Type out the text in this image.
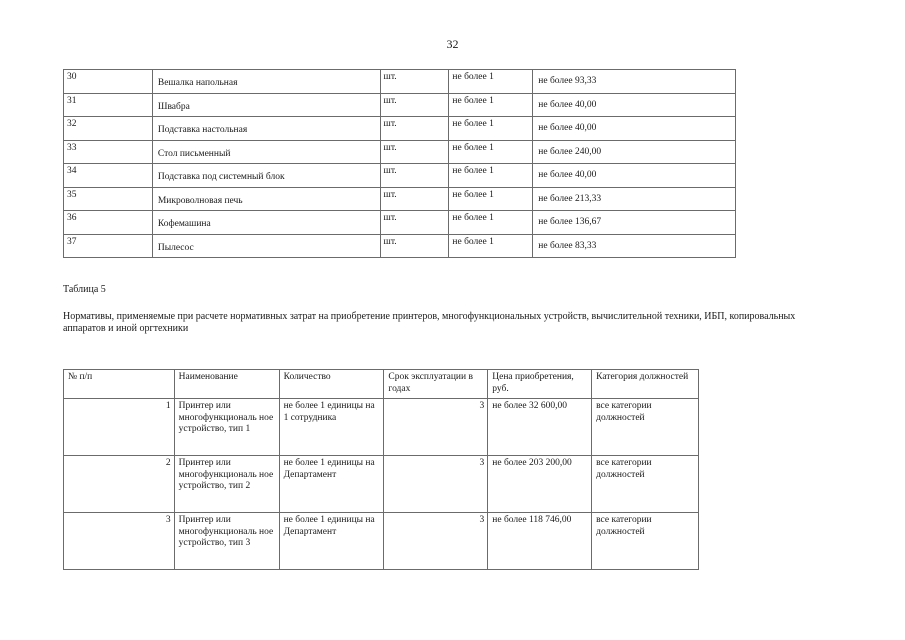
32
30	Вешалка напольная	шт.	не более 1	не более 93,33

31	Швабра	шт.	не более 1	не более 40,00

32	Подставка настольная	шт.	не более 1	не более 40,00

33	Стол письменный	шт.	не более 1	не более 240,00

34	Подставка под системный блок	шт.	не более 1	не более 40,00

35	Микроволновая печь	шт.	не более 1	не более 213,33

36	Кофемашина	шт.	не более 1	не более 136,67

37	Пылесос	шт.	не более 1	не более 83,33
Таблица 5
Нормативы, применяемые при расчете нормативных затрат на приобретение принтеров, многофункциональных устройств, вычислительной техники, ИБП, копировальных аппаратов и иной оргтехники
№ п/п	Наименование	Количество	Срок эксплуатации в годах	Цена приобретения, руб.	Категория должностей
1	Принтер или многофункциональ ное устройство, тип 1	не более 1 единицы на 1 сотрудника	3	не более 32 600,00	все категории должностей
2	Принтер или многофункциональ ное устройство, тип 2	не более 1 единицы на Департамент	3	не более 203 200,00	все категории должностей
3	Принтер или многофункциональ ное устройство, тип 3	не более 1 единицы на Департамент	3	не более 118 746,00	все категории должностей
